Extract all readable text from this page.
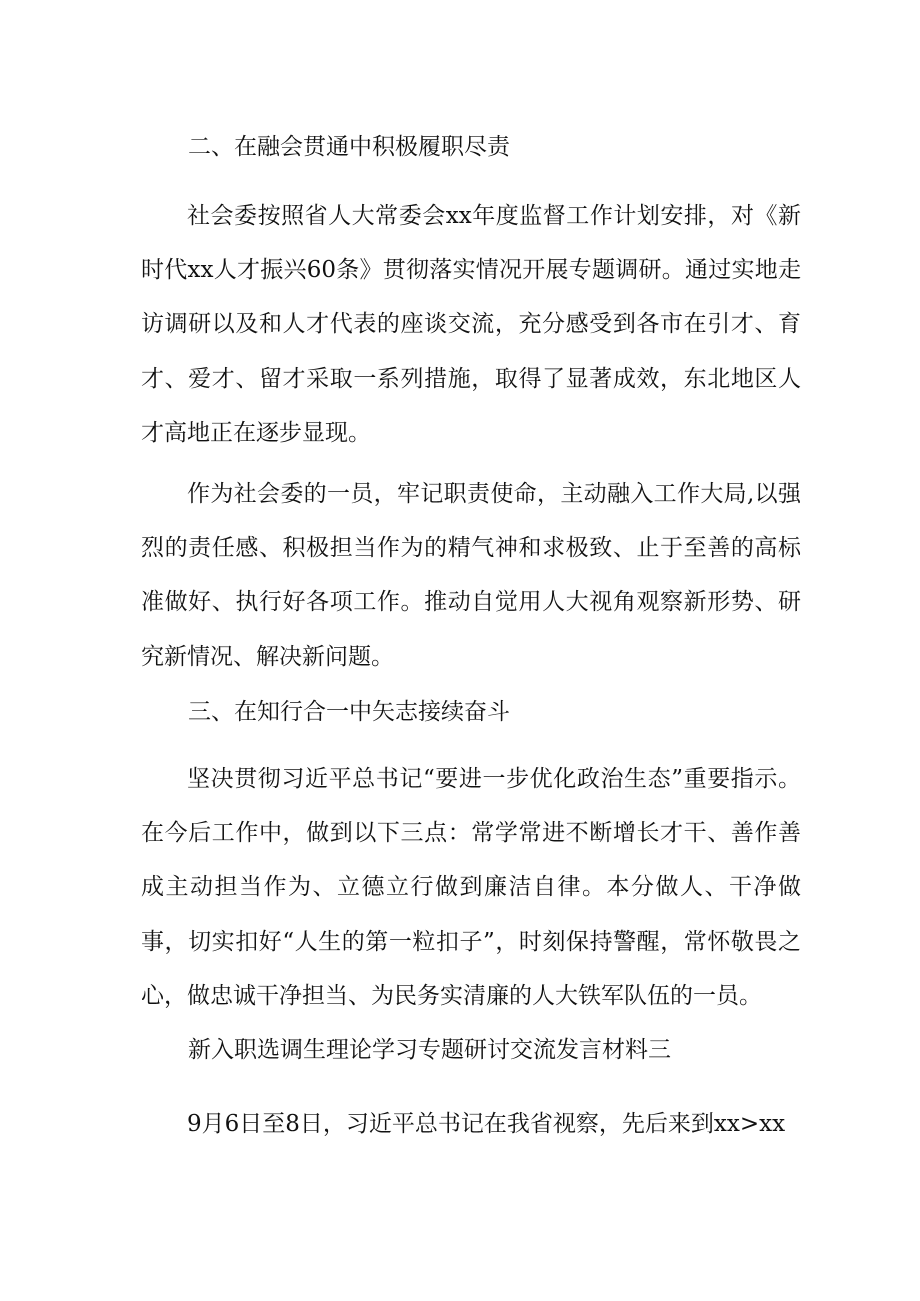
二、在融会贯通中积极履职尽责
社会委按照省人大常委会xx年度监督工作计划安排，对《新时代xx人才振兴60条》贯彻落实情况开展专题调研。通过实地走访调研以及和人才代表的座谈交流，充分感受到各市在引才、育才、爱才、留才采取一系列措施，取得了显著成效，东北地区人才高地正在逐步显现。
作为社会委的一员，牢记职责使命，主动融入工作大局,以强烈的责任感、积极担当作为的精气神和求极致、止于至善的高标准做好、执行好各项工作。推动自觉用人大视角观察新形势、研究新情况、解决新问题。
三、在知行合一中矢志接续奋斗
坚决贯彻习近平总书记“要进一步优化政治生态”重要指示。在今后工作中，做到以下三点：常学常进不断增长才干、善作善成主动担当作为、立德立行做到廉洁自律。本分做人、干净做事，切实扣好“人生的第一粒扣子”，时刻保持警醒，常怀敬畏之心，做忠诚干净担当、为民务实清廉的人大铁军队伍的一员。
新入职选调生理论学习专题研讨交流发言材料三
9月6日至8日，习近平总书记在我省视察，先后来到xx>xx
